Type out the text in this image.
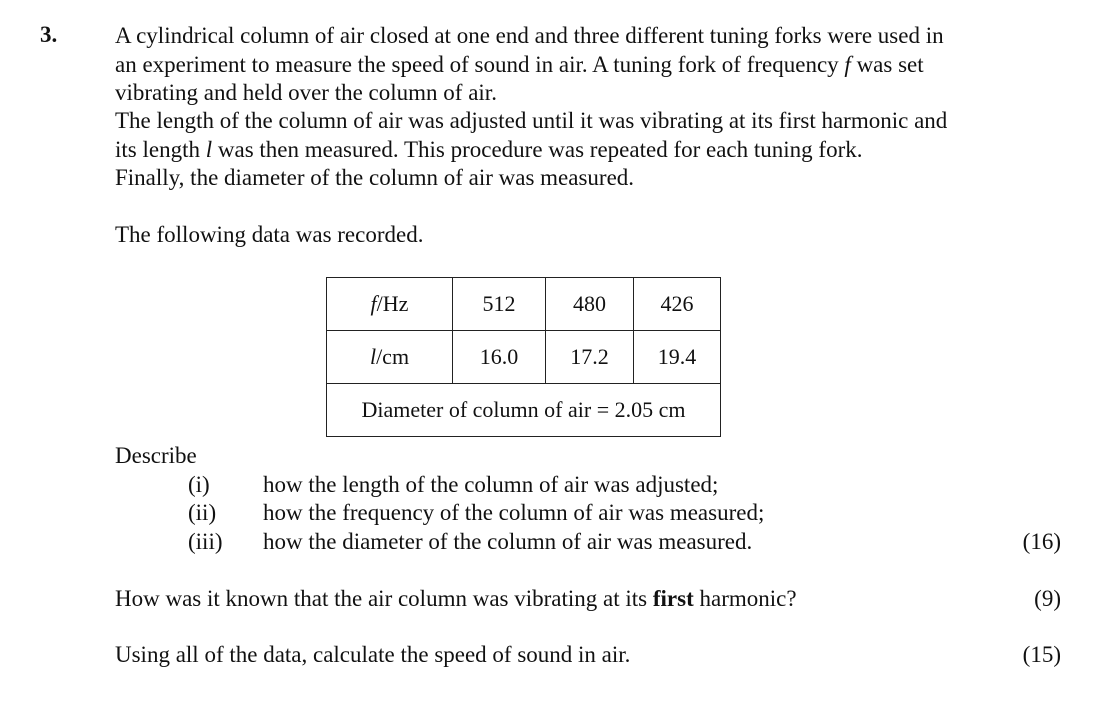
3.	A cylindrical column of air closed at one end and three different tuning forks were used in
an experiment to measure the speed of sound in air. A tuning fork of frequency f was set
vibrating and held over the column of air.
The length of the column of air was adjusted until it was vibrating at its first harmonic and
its length l was then measured. This procedure was repeated for each tuning fork.
Finally, the diameter of the column of air was measured.
The following data was recorded.
f/Hz	512	480	426
l/cm	16.0	17.2	19.4
Diameter of column of air = 2.05 cm			
Describe
(i) how the length of the column of air was adjusted;
(ii) how the frequency of the column of air was measured;
(iii) how the diameter of the column of air was measured.	(16)
How was it known that the air column was vibrating at its first harmonic?	(9)
Using all of the data, calculate the speed of sound in air.	(15)
